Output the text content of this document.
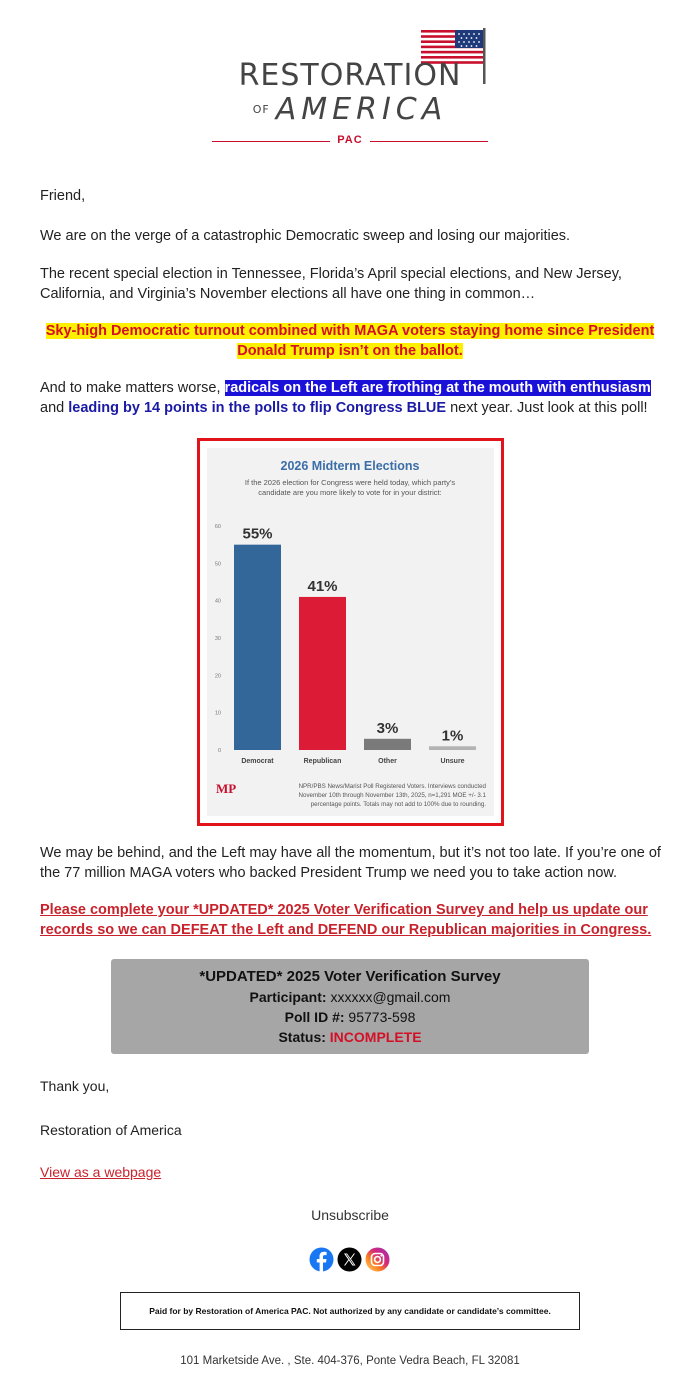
RESTORATION
OF AMERICA
PAC
Friend,
We are on the verge of a catastrophic Democratic sweep and losing our majorities.
The recent special election in Tennessee, Florida’s April special elections, and New Jersey, California, and Virginia’s November elections all have one thing in common…
Sky-high Democratic turnout combined with MAGA voters staying home since President
Donald Trump isn’t on the ballot.
And to make matters worse, radicals on the Left are frothing at the mouth with enthusiasm and leading by 14 points in the polls to flip Congress BLUE next year. Just look at this poll!
2026 Midterm Elections
If the 2026 election for Congress were held today, which party’s
candidate are you more likely to vote for in your district:
0
10
20
30
40
50
60 55%
Democrat
41%
Republican
3%
Other
1%
Unsure
MP	NPR/PBS News/Marist Poll Registered Voters. Interviews conducted
November 10th through November 13th, 2025, n=1,291 MOE +/- 3.1
percentage points. Totals may not add to 100% due to rounding.
We may be behind, and the Left may have all the momentum, but it’s not too late. If you’re one of the 77 million MAGA voters who backed President Trump we need you to take action now.
Please complete your *UPDATED* 2025 Voter Verification Survey and help us update our
records so we can DEFEAT the Left and DEFEND our Republican majorities in Congress.
*UPDATED* 2025 Voter Verification Survey
Participant: xxxxxx@gmail.com
Poll ID #: 95773-598
Status: INCOMPLETE
Thank you,
Restoration of America
View as a webpage
Unsubscribe
Paid for by Restoration of America PAC. Not authorized by any candidate or candidate’s committee.
101 Marketside Ave. , Ste. 404-376, Ponte Vedra Beach, FL 32081
